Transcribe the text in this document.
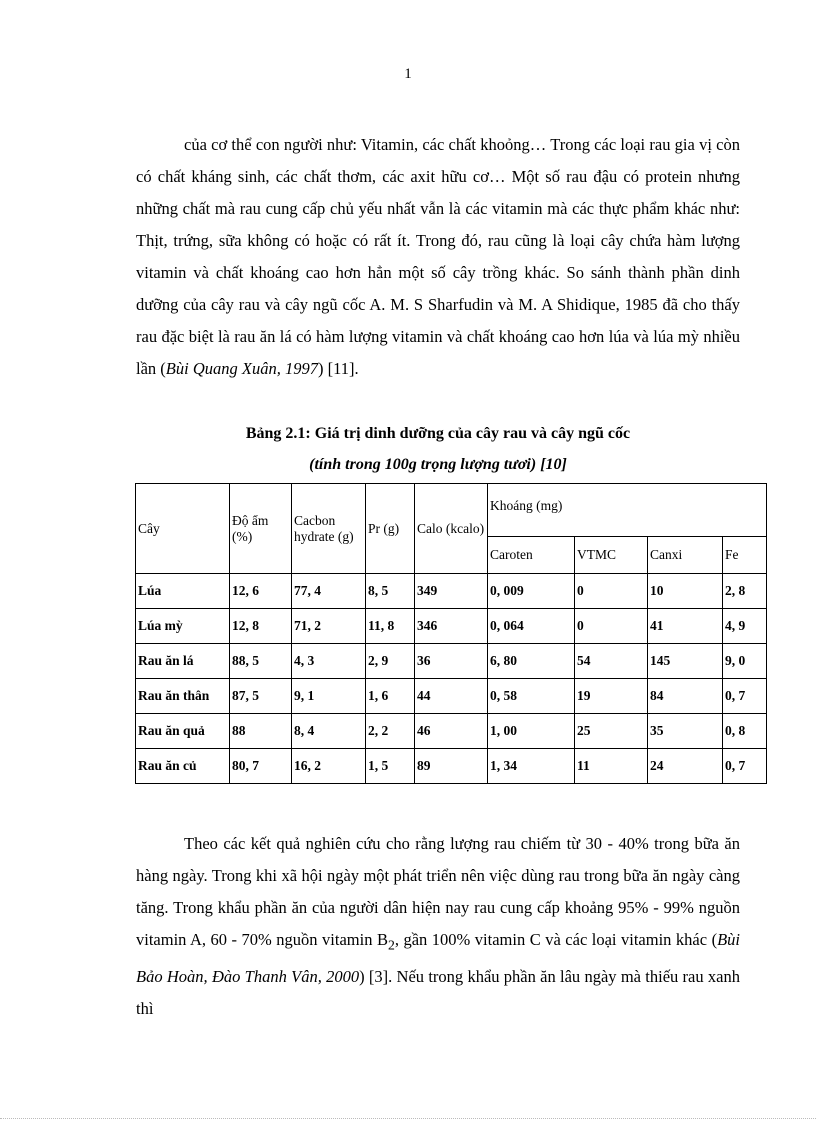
1

của cơ thể con người như: Vitamin, các chất khoỏng… Trong các loại rau gia vị còn có chất kháng sinh, các chất thơm, các axit hữu cơ… Một số rau đậu có protein nhưng những chất mà rau cung cấp chủ yếu nhất vẫn là các vitamin mà các thực phẩm khác như: Thịt, trứng, sữa không có hoặc có rất ít. Trong đó, rau cũng là loại cây chứa hàm lượng vitamin và chất khoáng cao hơn hẳn một số cây trồng khác. So sánh thành phần dinh dưỡng của cây rau và cây ngũ cốc A. M. S Sharfudin và M. A Shidique, 1985 đã cho thấy rau đặc biệt là rau ăn lá có hàm lượng vitamin và chất khoáng cao hơn lúa và lúa mỳ nhiều lần (Bùi Quang Xuân, 1997) [11].

Bảng 2.1: Giá trị dinh dưỡng của cây rau và cây ngũ cốc
(tính trong 100g trọng lượng tươi) [10]
Cây	Độ ẩm (%)	Cacbon hydrate (g)	Pr (g)	Calo (kcalo)	Khoáng (mg)			
					Caroten	VTMC	Canxi	Fe
Lúa	12, 6	77, 4	8, 5	349	0, 009	0	10	2, 8
Lúa mỳ	12, 8	71, 2	11, 8	346	0, 064	0	41	4, 9
Rau ăn lá	88, 5	4, 3	2, 9	36	6, 80	54	145	9, 0
Rau ăn thân	87, 5	9, 1	1, 6	44	0, 58	19	84	0, 7
Rau ăn quả	88	8, 4	2, 2	46	1, 00	25	35	0, 8
Rau ăn củ	80, 7	16, 2	1, 5	89	1, 34	11	24	0, 7

Theo các kết quả nghiên cứu cho rằng lượng rau chiếm từ 30 - 40% trong bữa ăn hàng ngày. Trong khi xã hội ngày một phát triển nên việc dùng rau trong bữa ăn ngày càng tăng. Trong khẩu phần ăn của người dân hiện nay rau cung cấp khoảng 95% - 99% nguồn vitamin A, 60 - 70% nguồn vitamin $B_2$, gần 100% vitamin C và các loại vitamin khác (Bùi Bảo Hoàn, Đào Thanh Vân, 2000) [3]. Nếu trong khẩu phần ăn lâu ngày mà thiếu rau xanh thì
